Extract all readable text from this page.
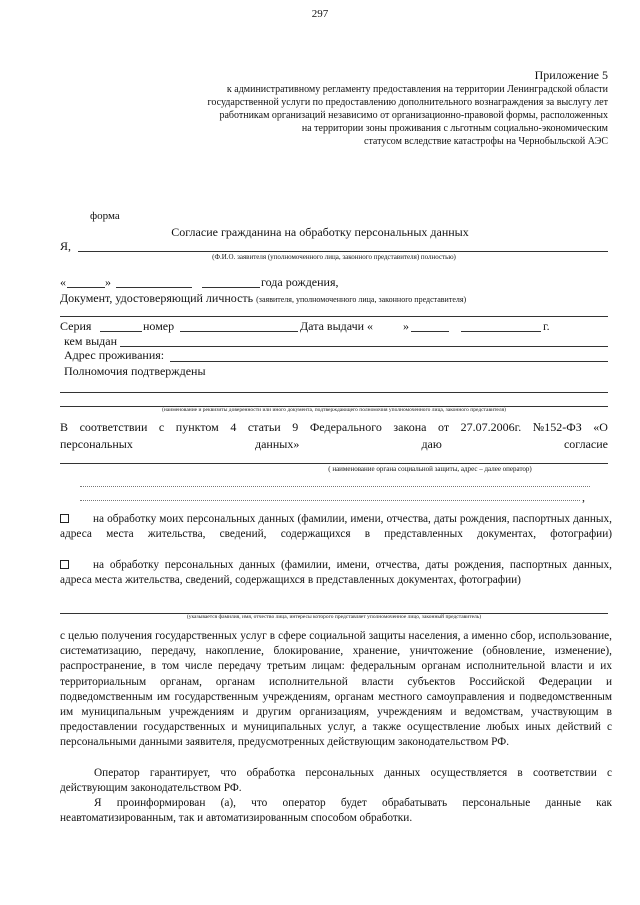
297
Приложение 5
к административному регламенту предоставления на территории Ленинградской области
государственной услуги по предоставлению дополнительного вознаграждения за выслугу лет
работникам организаций независимо от организационно-правовой формы, расположенных
на территории зоны проживания с льготным социально-экономическим
статусом вследствие катастрофы на Чернобыльской АЭС
форма
Согласие гражданина на обработку персональных данных
Я,
(Ф.И.О. заявителя (уполномоченного лица, законного представителя) полностью)
«	»	года рождения,
Документ, удостоверяющий личность (заявителя, уполномоченного лица, законного представителя)
Серия	номер	Дата выдачи « »	г.
кем выдан
Адрес проживания:
Полномочия подтверждены
(наименование и реквизиты доверенности или иного документа, подтверждающего полномочия уполномоченного лица, законного представителя)
В соответствии с пунктом 4 статьи 9 Федерального закона от 27.07.2006г. №152-ФЗ «О
персональных	данных»	даю	согласие
( наименование органа социальной защиты, адрес – далее оператор)
,
на обработку моих персональных данных (фамилии, имени, отчества, даты рождения, паспортных данных, адреса места жительства, сведений, содержащихся в представленных документах, фотографии)
на обработку персональных данных (фамилии, имени, отчества, даты рождения, паспортных данных, адреса места жительства, сведений, содержащихся в представленных документах, фотографии)
(указывается фамилия, имя, отчество лица, интересы которого представляет уполномоченное лицо, законный представитель)
с целью получения государственных услуг в сфере социальной защиты населения, а именно сбор, использование, систематизацию, передачу, накопление, блокирование, хранение, уничтожение (обновление, изменение), распространение, в том числе передачу третьим лицам: федеральным органам исполнительной власти и их территориальным органам, органам исполнительной власти субъектов Российской Федерации и подведомственным им государственным учреждениям, органам местного самоуправления и подведомственным им муниципальным учреждениям и другим организациям, учреждениям и ведомствам, участвующим в предоставлении государственных и муниципальных услуг, а также осуществление любых иных действий с персональными данными заявителя, предусмотренных действующим законодательством РФ.
Оператор гарантирует, что обработка персональных данных осуществляется в соответствии с действующим законодательством РФ.
Я проинформирован (а), что оператор будет обрабатывать персональные данные как неавтоматизированным, так и автоматизированным способом обработки.
